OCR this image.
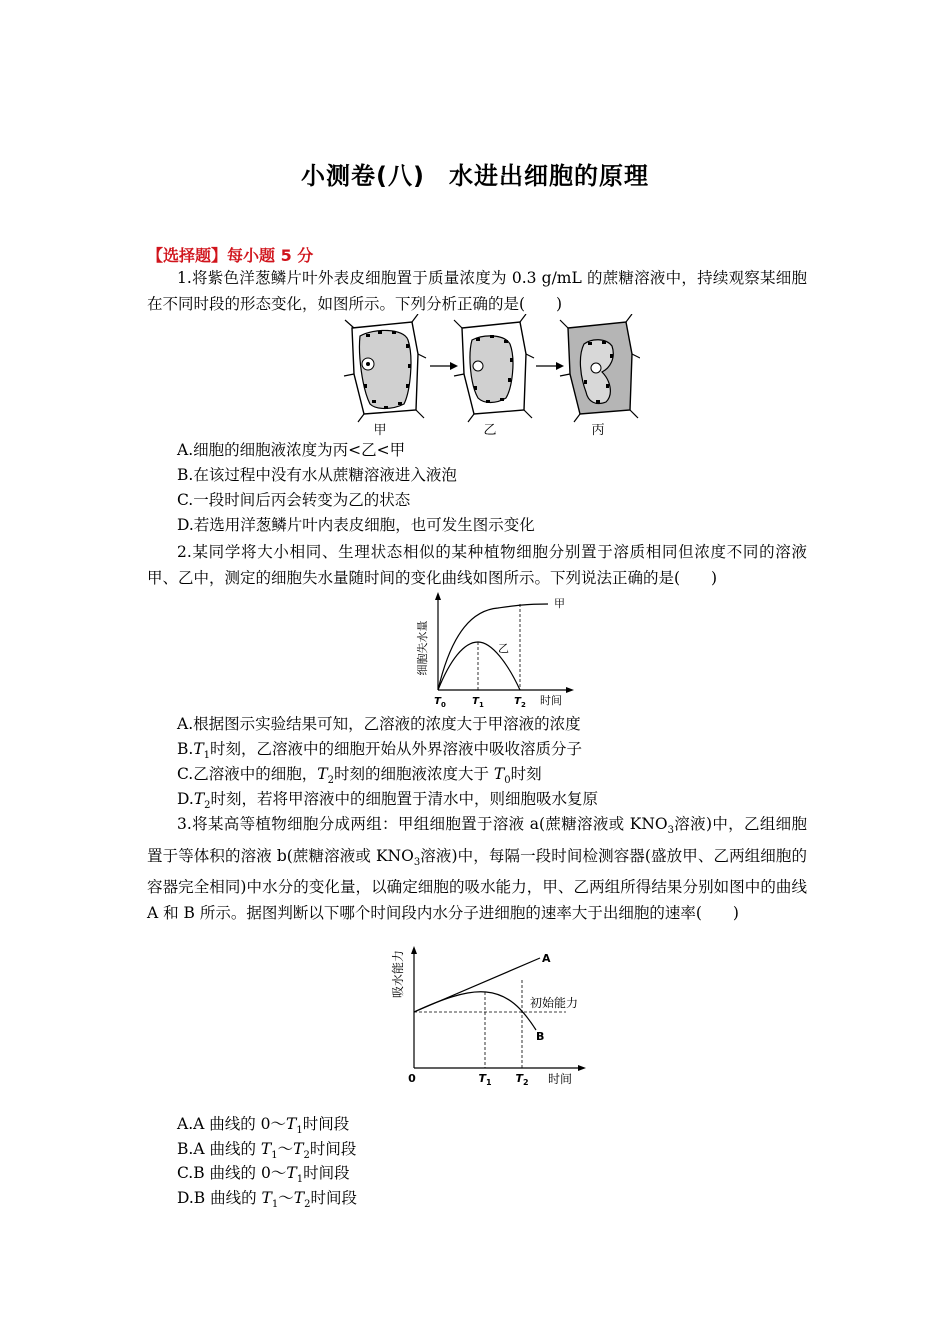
小测卷(八) 水进出细胞的原理
【选择题】每小题 5 分
1.将紫色洋葱鳞片叶外表皮细胞置于质量浓度为 0.3 g/mL 的蔗糖溶液中，持续观察某细胞在不同时段的形态变化，如图所示。下列分析正确的是(　　)
甲	乙	丙
A.细胞的细胞液浓度为丙<乙<甲
B.在该过程中没有水从蔗糖溶液进入液泡
C.一段时间后丙会转变为乙的状态
D.若选用洋葱鳞片叶内表皮细胞，也可发生图示变化
2.某同学将大小相同、生理状态相似的某种植物细胞分别置于溶质相同但浓度不同的溶液甲、乙中，测定的细胞失水量随时间的变化曲线如图所示。下列说法正确的是(　　)
细胞失水量
甲
乙
$T_0$	$T_1$	$T_2$ 时间
A.根据图示实验结果可知，乙溶液的浓度大于甲溶液的浓度
$B.T_1$时刻，乙溶液中的细胞开始从外界溶液中吸收溶质分子
C.乙溶液中的细胞，$T_2$时刻的细胞液浓度大于 $T_0$时刻
$D.T_2$时刻，若将甲溶液中的细胞置于清水中，则细胞吸水复原
3.将某高等植物细胞分成两组：甲组细胞置于溶液 a(蔗糖溶液或 $KNO_3$溶液)中，乙组细胞置于等体积的溶液 b(蔗糖溶液或 $KNO_3$溶液)中，每隔一段时间检测容器(盛放甲、乙两组细胞的容器完全相同)中水分的变化量，以确定细胞的吸水能力，甲、乙两组所得结果分别如图中的曲线 A 和 B 所示。据图判断以下哪个时间段内水分子进细胞的速率大于出细胞的速率(　　)
吸水能力	A
B
初始能力
0	$T_1$ $T_2$ 时间
A.A 曲线的 $0\sim T_1$时间段
B.A 曲线的 $T_1\sim T_2$时间段
C.B 曲线的 $0\sim T_1$时间段
D.B 曲线的 $T_1\sim T_2$时间段
